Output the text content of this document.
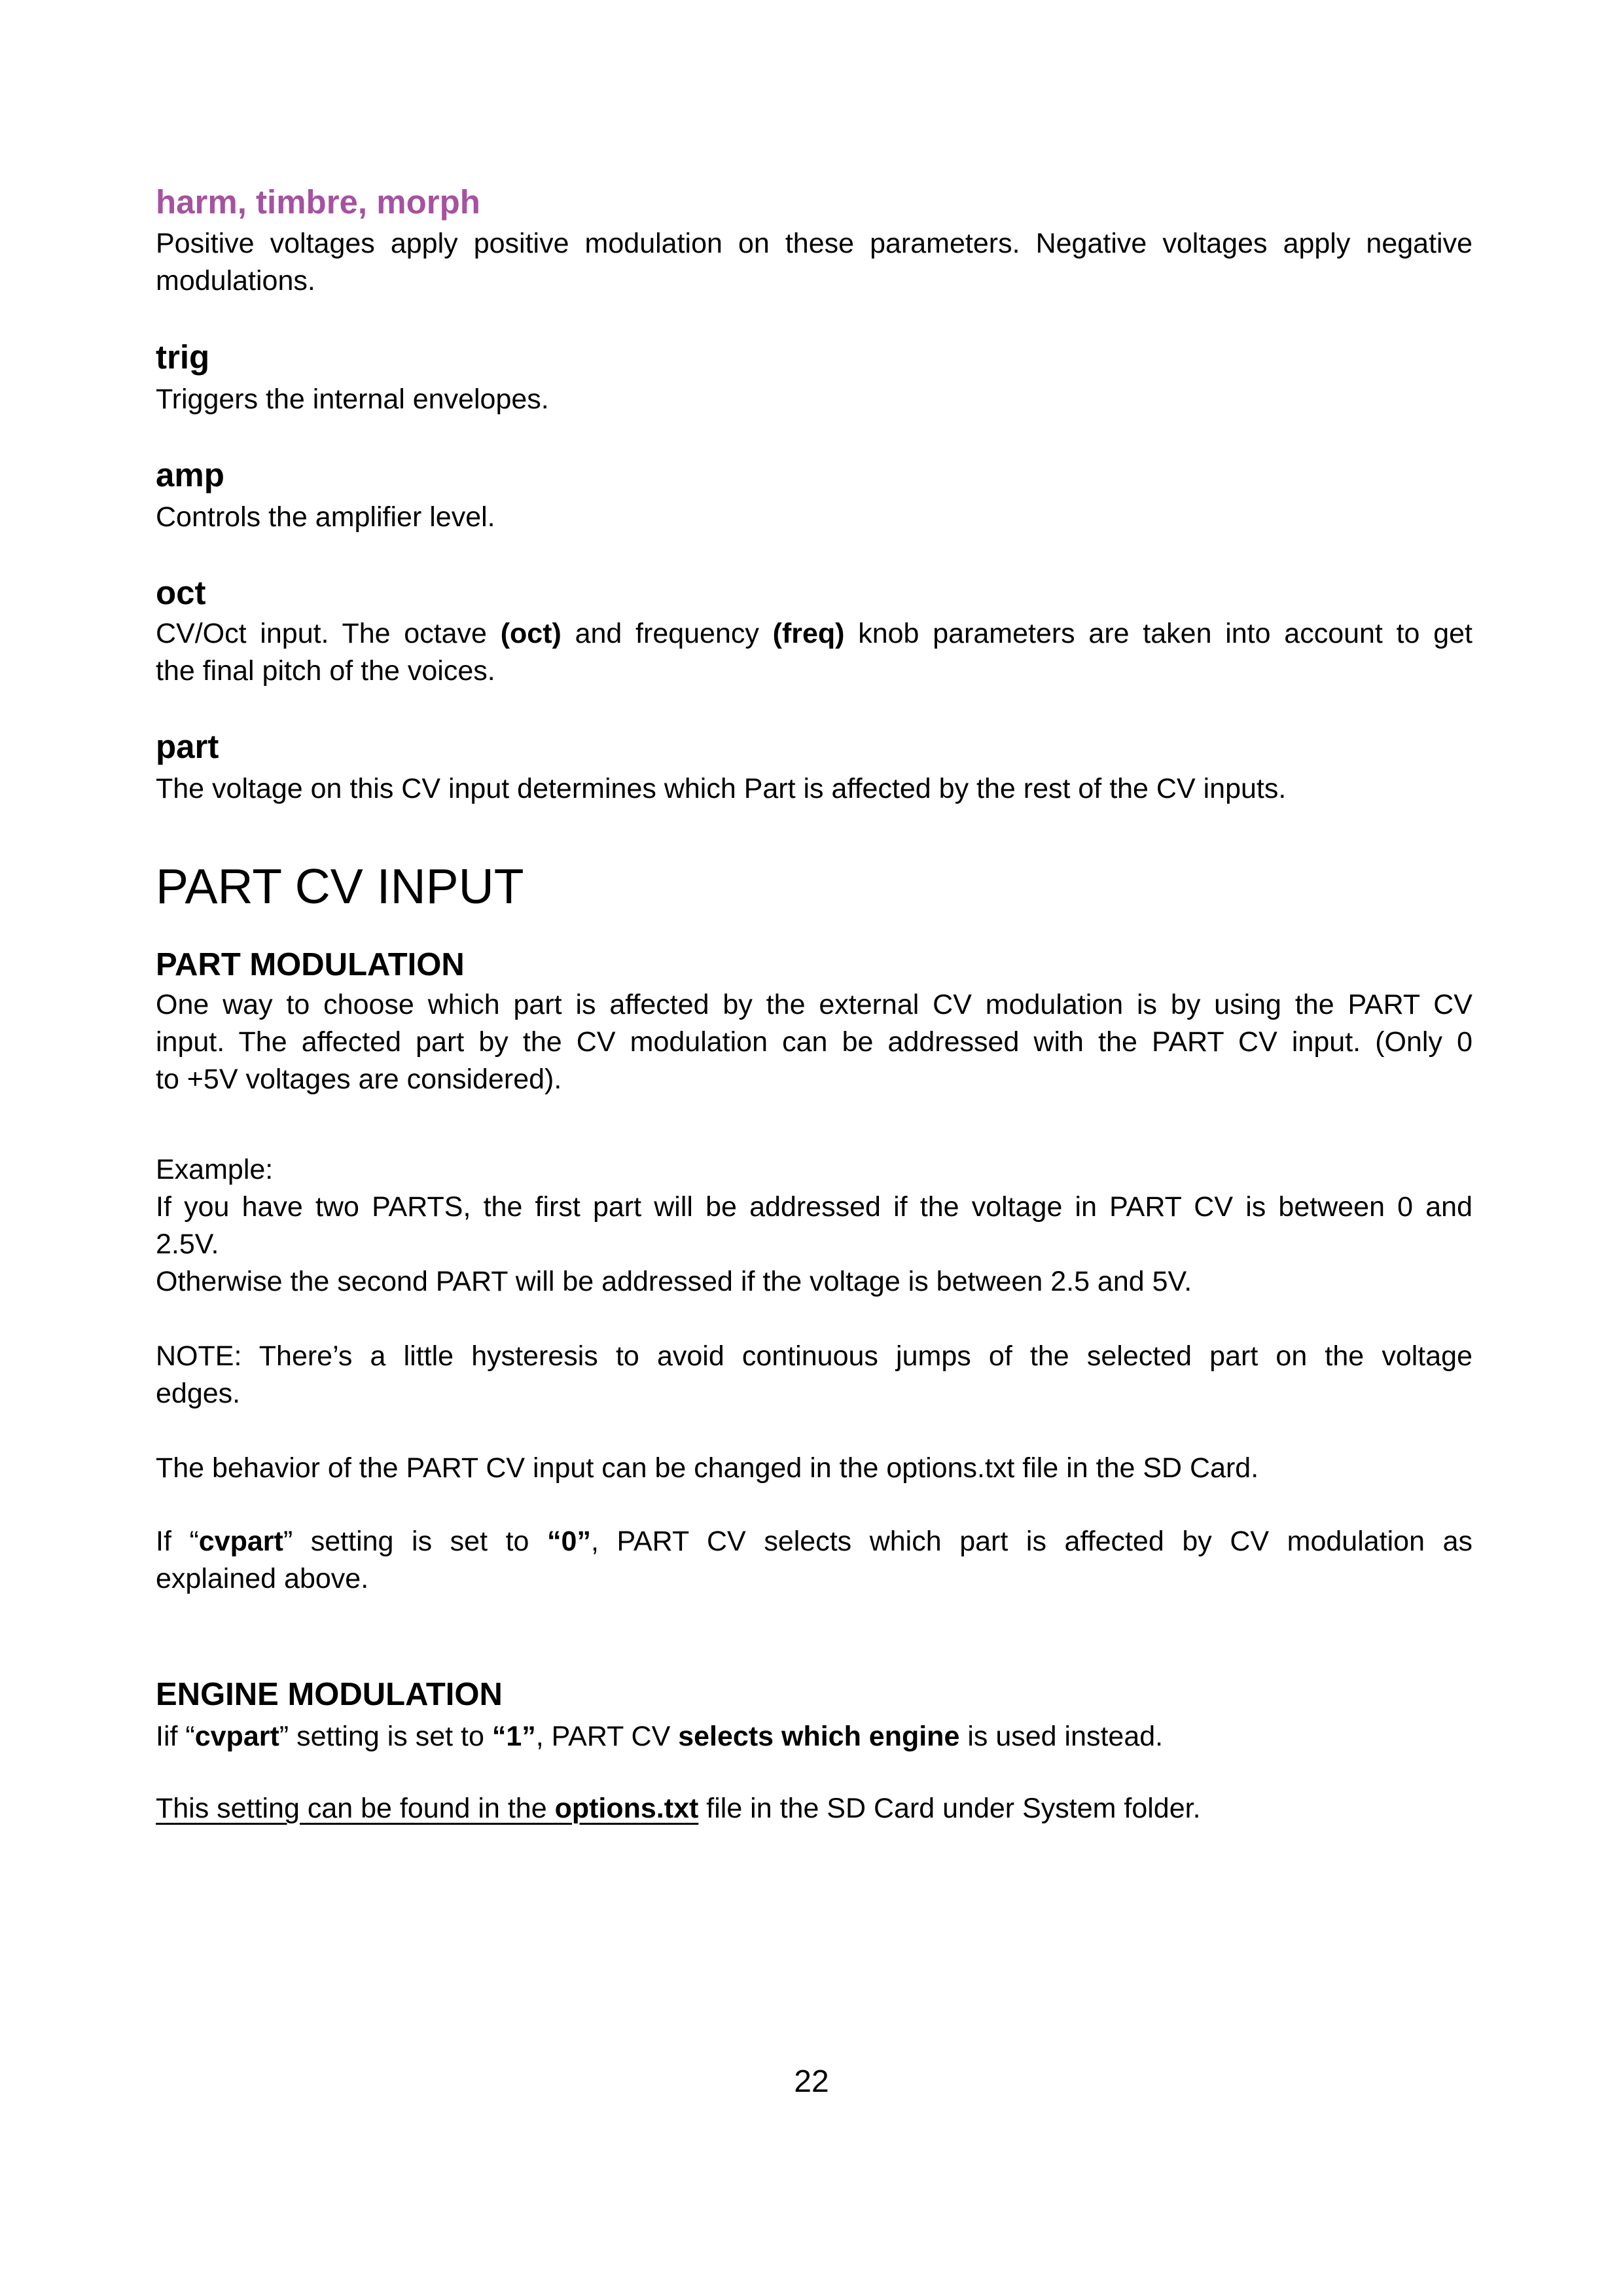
harm, timbre, morph
Positive voltages apply positive modulation on these parameters. Negative voltages apply negative
modulations.
trig
Triggers the internal envelopes.
amp
Controls the amplifier level.
oct
CV/Oct input. The octave (oct) and frequency (freq) knob parameters are taken into account to get
the final pitch of the voices.
part
The voltage on this CV input determines which Part is affected by the rest of the CV inputs.
PART CV INPUT
PART MODULATION
One way to choose which part is affected by the external CV modulation is by using the PART CV
input. The affected part by the CV modulation can be addressed with the PART CV input. (Only 0
to +5V voltages are considered).
Example:
If you have two PARTS, the first part will be addressed if the voltage in PART CV is between 0 and
2.5V.
Otherwise the second PART will be addressed if the voltage is between 2.5 and 5V.
NOTE: There’s a little hysteresis to avoid continuous jumps of the selected part on the voltage
edges.
The behavior of the PART CV input can be changed in the options.txt file in the SD Card.
If “cvpart” setting is set to “0”, PART CV selects which part is affected by CV modulation as
explained above.
ENGINE MODULATION
Iif “cvpart” setting is set to “1”, PART CV selects which engine is used instead.
This setting can be found in the options.txt file in the SD Card under System folder.
22
